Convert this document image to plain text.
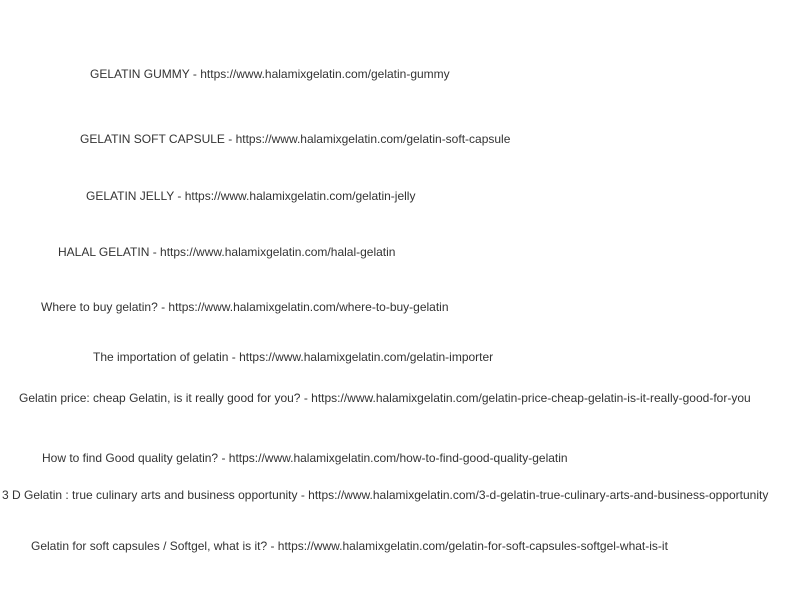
GELATIN GUMMY - https://www.halamixgelatin.com/gelatin-gummy
GELATIN SOFT CAPSULE - https://www.halamixgelatin.com/gelatin-soft-capsule
GELATIN JELLY - https://www.halamixgelatin.com/gelatin-jelly
HALAL GELATIN - https://www.halamixgelatin.com/halal-gelatin
Where to buy gelatin? - https://www.halamixgelatin.com/where-to-buy-gelatin
The importation of gelatin - https://www.halamixgelatin.com/gelatin-importer
Gelatin price: cheap Gelatin, is it really good for you? - https://www.halamixgelatin.com/gelatin-price-cheap-gelatin-is-it-really-good-for-you
How to find Good quality gelatin? - https://www.halamixgelatin.com/how-to-find-good-quality-gelatin
3 D Gelatin : true culinary arts and business opportunity - https://www.halamixgelatin.com/3-d-gelatin-true-culinary-arts-and-business-opportunity
Gelatin for soft capsules / Softgel, what is it? - https://www.halamixgelatin.com/gelatin-for-soft-capsules-softgel-what-is-it
